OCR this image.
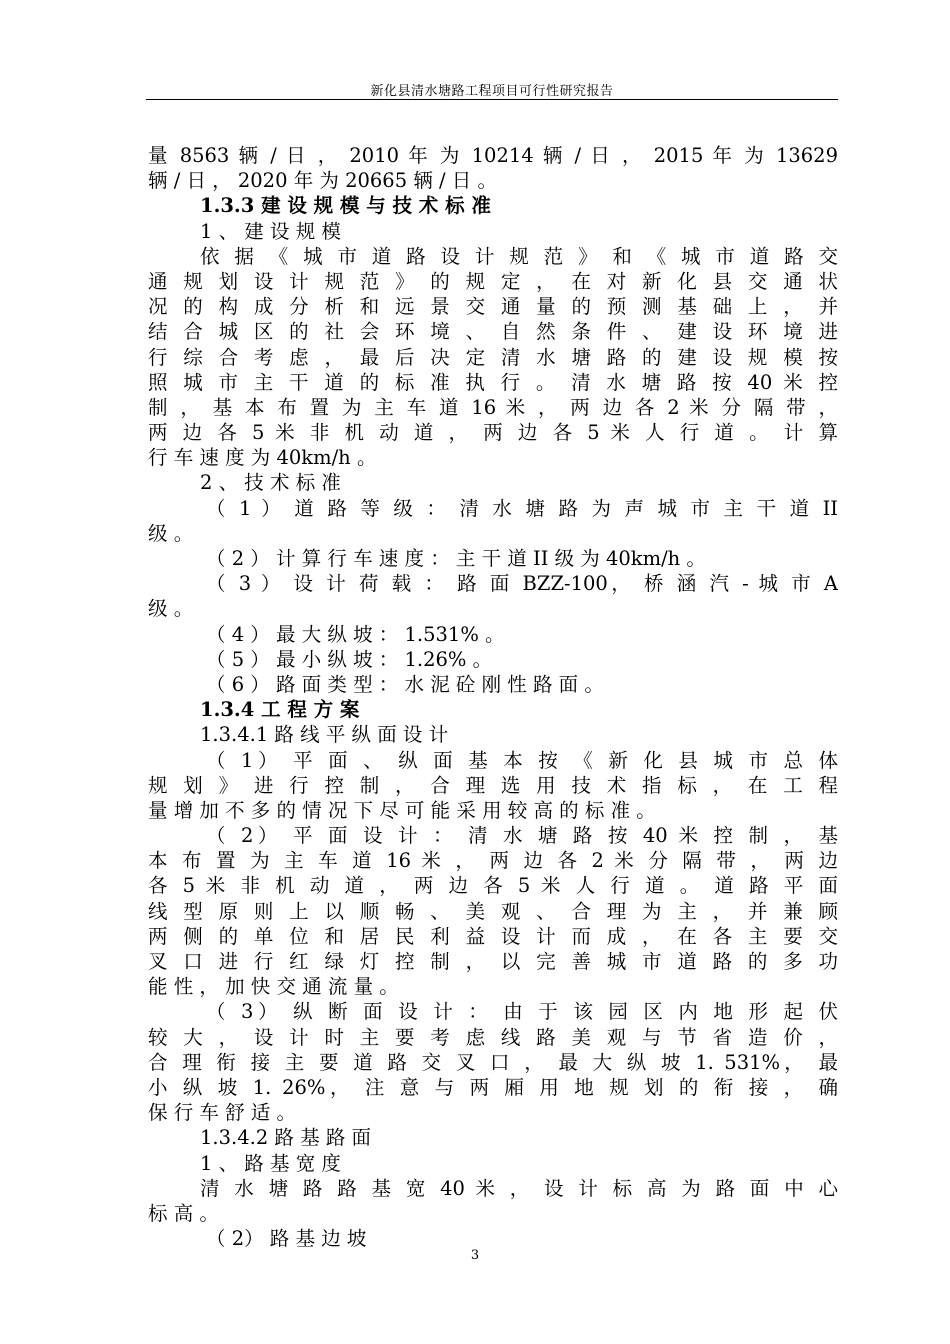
新化县清水塘路工程项目可行性研究报告
量 8563 辆 / 日 ， 2010 年 为 10214 辆 / 日 ， 2015 年 为 13629
辆 / 日 ， 2020 年 为 20665 辆 / 日 。
1.3.3 建 设 规 模 与 技 术 标 准
1 、 建 设 规 模
依 据 《 城 市 道 路 设 计 规 范 》 和 《 城 市 道 路 交
通 规 划 设 计 规 范 》 的 规 定 ， 在 对 新 化 县 交 通 状
况 的 构 成 分 析 和 远 景 交 通 量 的 预 测 基 础 上 ， 并
结 合 城 区 的 社 会 环 境 、 自 然 条 件 、 建 设 环 境 进
行 综 合 考 虑 ， 最 后 决 定 清 水 塘 路 的 建 设 规 模 按
照 城 市 主 干 道 的 标 准 执 行 。 清 水 塘 路 按 40 米 控
制 ， 基 本 布 置 为 主 车 道 16 米 ， 两 边 各 2 米 分 隔 带 ，
两 边 各 5 米 非 机 动 道 ， 两 边 各 5 米 人 行 道 。 计 算
行 车 速 度 为 40km/h 。
2 、 技 术 标 准
（ 1 ） 道 路 等 级 ： 清 水 塘 路 为 声 城 市 主 干 道 II
级 。
（ 2 ） 计 算 行 车 速 度 ： 主 干 道 II 级 为 40km/h 。
（ 3 ） 设 计 荷 载 ： 路 面 BZZ-100， 桥 涵 汽 - 城 市 A
级 。
（ 4 ） 最 大 纵 坡 ： 1.531% 。
（ 5 ） 最 小 纵 坡 ： 1.26% 。
（ 6 ） 路 面 类 型 ： 水 泥 砼 刚 性 路 面 。
1.3.4 工 程 方 案
1.3.4.1 路 线 平 纵 面 设 计
（ 1） 平 面 、 纵 面 基 本 按 《 新 化 县 城 市 总 体
规 划 》 进 行 控 制 ， 合 理 选 用 技 术 指 标 ， 在 工 程
量 增 加 不 多 的 情 况 下 尽 可 能 采 用 较 高 的 标 准 。
（ 2） 平 面 设 计 ： 清 水 塘 路 按 40 米 控 制 ， 基
本 布 置 为 主 车 道 16 米 ， 两 边 各 2 米 分 隔 带 ， 两 边
各 5 米 非 机 动 道 ， 两 边 各 5 米 人 行 道 。 道 路 平 面
线 型 原 则 上 以 顺 畅 、 美 观 、 合 理 为 主 ， 并 兼 顾
两 侧 的 单 位 和 居 民 利 益 设 计 而 成 ， 在 各 主 要 交
叉 口 进 行 红 绿 灯 控 制 ， 以 完 善 城 市 道 路 的 多 功
能 性 ， 加 快 交 通 流 量 。
（ 3） 纵 断 面 设 计 ： 由 于 该 园 区 内 地 形 起 伏
较 大 ， 设 计 时 主 要 考 虑 线 路 美 观 与 节 省 造 价 ，
合 理 衔 接 主 要 道 路 交 叉 口 ， 最 大 纵 坡 1. 531%， 最
小 纵 坡 1. 26%， 注 意 与 两 厢 用 地 规 划 的 衔 接 ， 确
保 行 车 舒 适 。
1.3.4.2 路 基 路 面
1 、 路 基 宽 度
清 水 塘 路 路 基 宽 40 米 ， 设 计 标 高 为 路 面 中 心
标 高 。
（ 2） 路 基 边 坡
3
